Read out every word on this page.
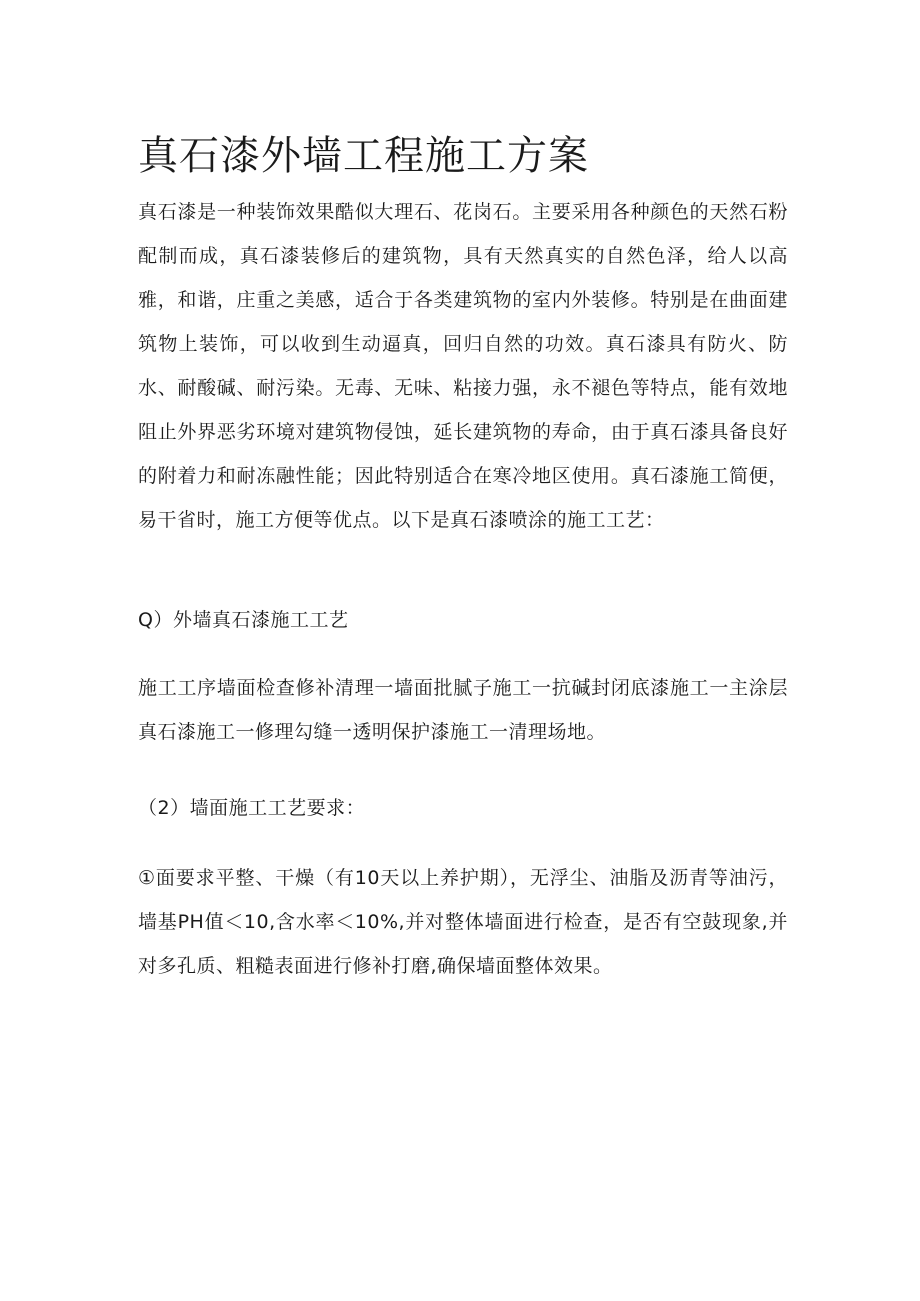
真石漆外墙工程施工方案

真石漆是一种装饰效果酷似大理石、花岗石。主要采用各种颜色的天然石粉配制而成，真石漆装修后的建筑物，具有天然真实的自然色泽，给人以高雅，和谐，庄重之美感，适合于各类建筑物的室内外装修。特别是在曲面建筑物上装饰，可以收到生动逼真，回归自然的功效。真石漆具有防火、防水、耐酸碱、耐污染。无毒、无味、粘接力强，永不褪色等特点，能有效地阻止外界恶劣环境对建筑物侵蚀，延长建筑物的寿命，由于真石漆具备良好的附着力和耐冻融性能；因此特别适合在寒冷地区使用。真石漆施工简便，易干省时，施工方便等优点。以下是真石漆喷涂的施工工艺：

Q）外墙真石漆施工工艺

施工工序墙面检查修补清理一墙面批腻子施工一抗碱封闭底漆施工一主涂层真石漆施工一修理勾缝一透明保护漆施工一清理场地。

（2）墙面施工工艺要求：

①面要求平整、干燥（有10天以上养护期），无浮尘、油脂及沥青等油污，墙基PH值＜10,含水率＜10%,并对整体墙面进行检查，是否有空鼓现象,并对多孔质、粗糙表面进行修补打磨,确保墙面整体效果。
